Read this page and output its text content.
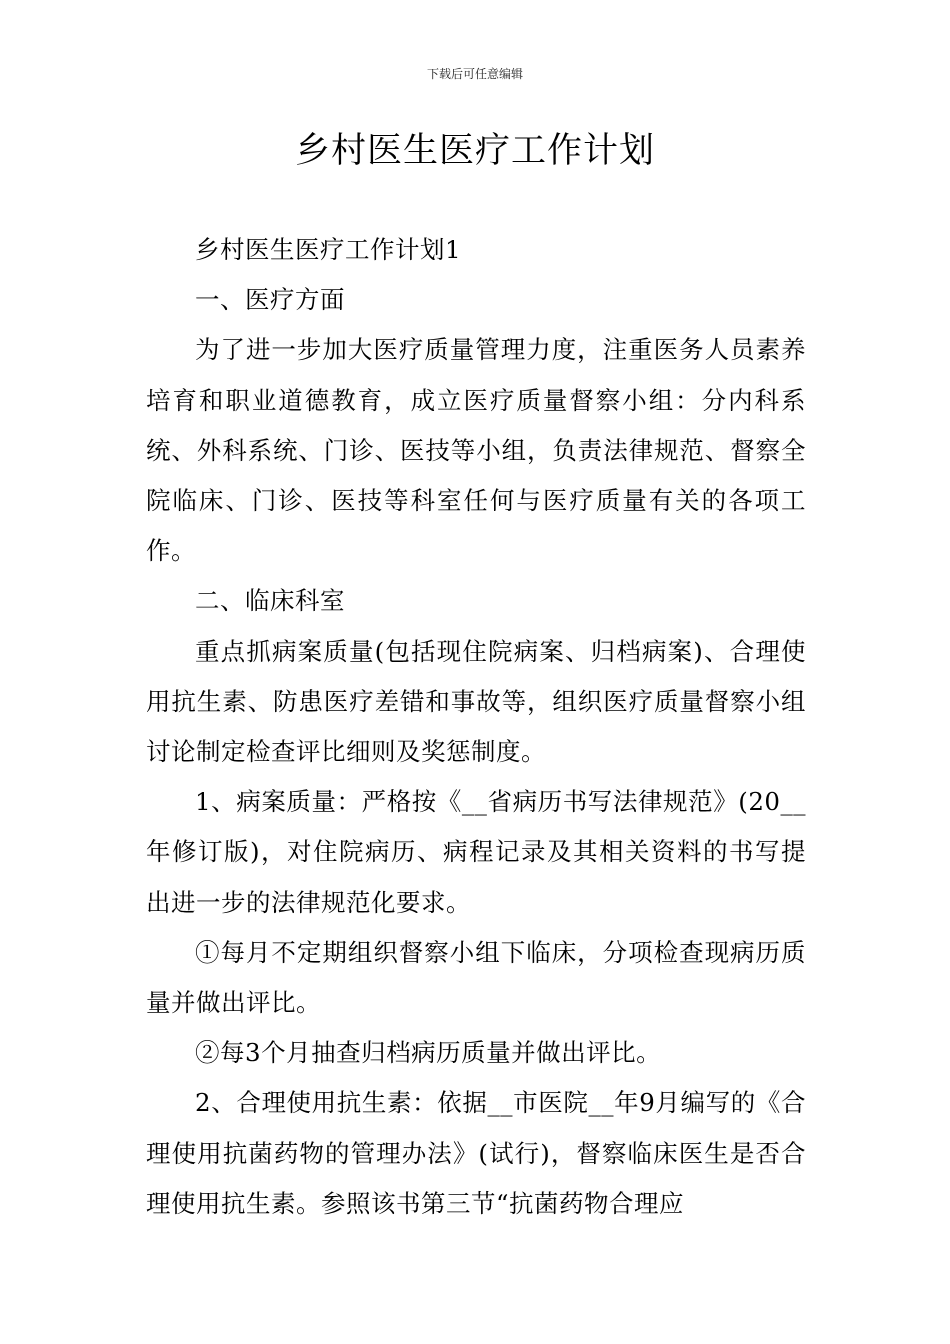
下载后可任意编辑
乡村医生医疗工作计划

乡村医生医疗工作计划1

一、医疗方面

为了进一步加大医疗质量管理力度，注重医务人员素养培育和职业道德教育，成立医疗质量督察小组：分内科系统、外科系统、门诊、医技等小组，负责法律规范、督察全院临床、门诊、医技等科室任何与医疗质量有关的各项工作。

二、临床科室

重点抓病案质量(包括现住院病案、归档病案)、合理使用抗生素、防患医疗差错和事故等，组织医疗质量督察小组讨论制定检查评比细则及奖惩制度。

1、病案质量：严格按《__省病历书写法律规范》(20__年修订版)，对住院病历、病程记录及其相关资料的书写提出进一步的法律规范化要求。

①每月不定期组织督察小组下临床，分项检查现病历质量并做出评比。

②每3个月抽查归档病历质量并做出评比。

2、合理使用抗生素：依据__市医院__年9月编写的《合理使用抗菌药物的管理办法》(试行)，督察临床医生是否合理使用抗生素。参照该书第三节“抗菌药物合理应
